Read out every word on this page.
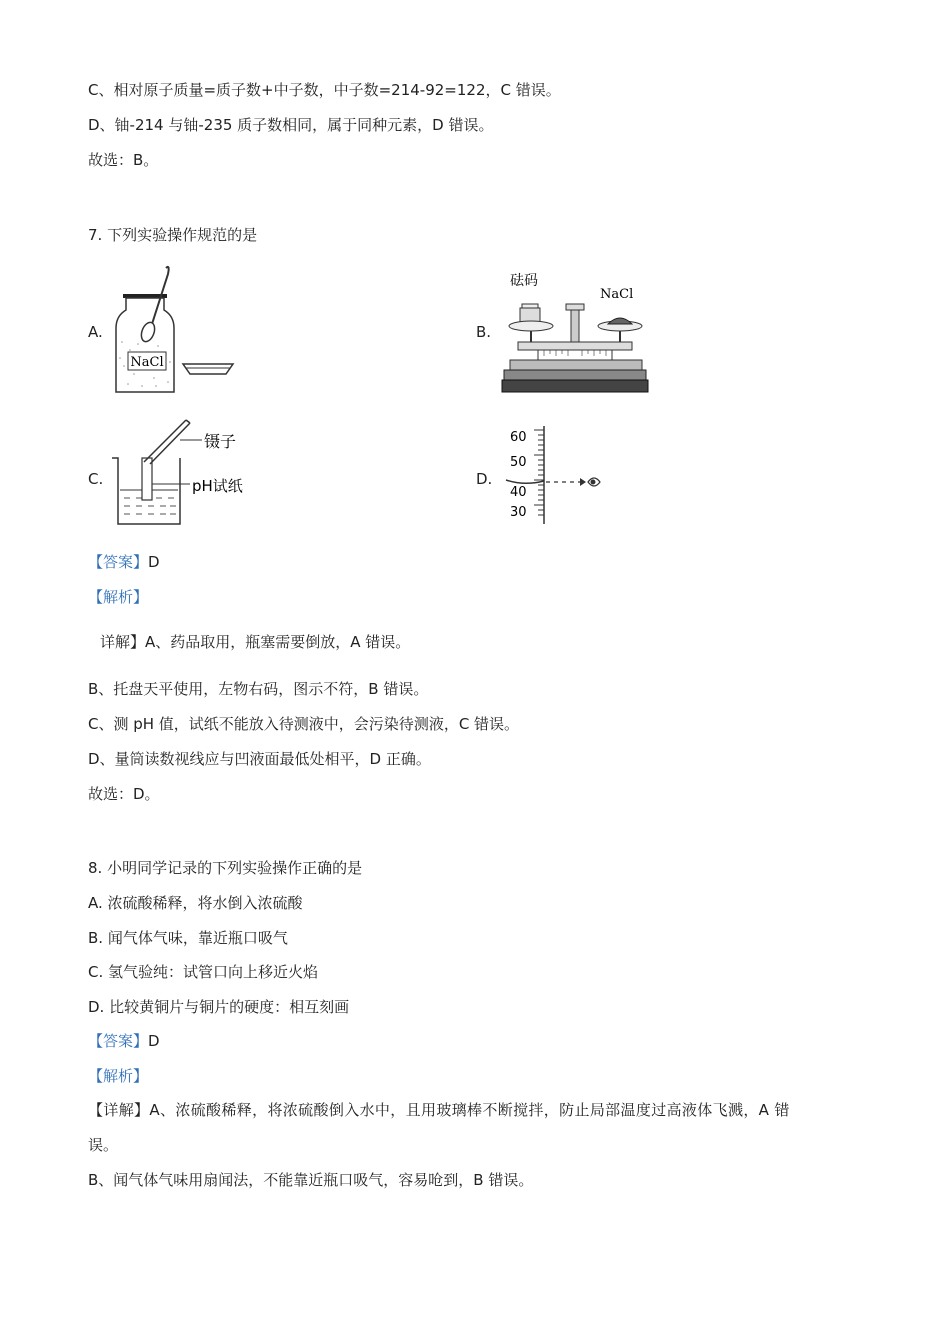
C、相对原子质量=质子数+中子数，中子数=214-92=122，C 错误。
D、铀-214 与铀-235 质子数相同，属于同种元素，D 错误。
故选：B。
7. 下列实验操作规范的是
A.
NaCl
B.
砝码
NaCl
C.
镊子
pH试纸	D.
60
50
40
30
【答案】D
【解析】
详解】A、药品取用，瓶塞需要倒放，A 错误。
B、托盘天平使用，左物右码，图示不符，B 错误。
C、测 pH 值，试纸不能放入待测液中，会污染待测液，C 错误。
D、量筒读数视线应与凹液面最低处相平，D 正确。
故选：D。
8. 小明同学记录的下列实验操作正确的是
A. 浓硫酸稀释，将水倒入浓硫酸
B. 闻气体气味，靠近瓶口吸气
C. 氢气验纯：试管口向上移近火焰
D. 比较黄铜片与铜片的硬度：相互刻画
【答案】D
【解析】
【详解】A、浓硫酸稀释，将浓硫酸倒入水中，且用玻璃棒不断搅拌，防止局部温度过高液体飞溅，A 错
误。
B、闻气体气味用扇闻法，不能靠近瓶口吸气，容易呛到，B 错误。
